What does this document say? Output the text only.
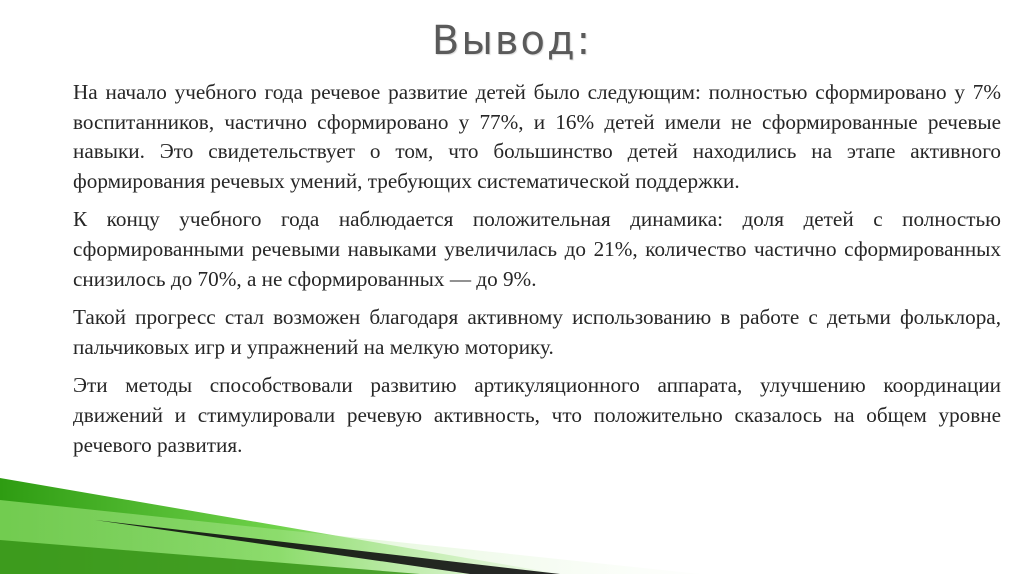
Вывод:

На начало учебного года речевое развитие детей было следующим: полностью сформировано у 7% воспитанников, частично сформировано у 77%, и 16% детей имели не сформированные речевые навыки. Это свидетельствует о том, что большинство детей находились на этапе активного формирования речевых умений, требующих систематической поддержки.

К концу учебного года наблюдается положительная динамика: доля детей с полностью сформированными речевыми навыками увеличилась до 21%, количество частично сформированных снизилось до 70%, а не сформированных — до 9%.

Такой прогресс стал возможен благодаря активному использованию в работе с детьми фольклора, пальчиковых игр и упражнений на мелкую моторику.

Эти методы способствовали развитию артикуляционного аппарата, улучшению координации движений и стимулировали речевую активность, что положительно сказалось на общем уровне речевого развития.
